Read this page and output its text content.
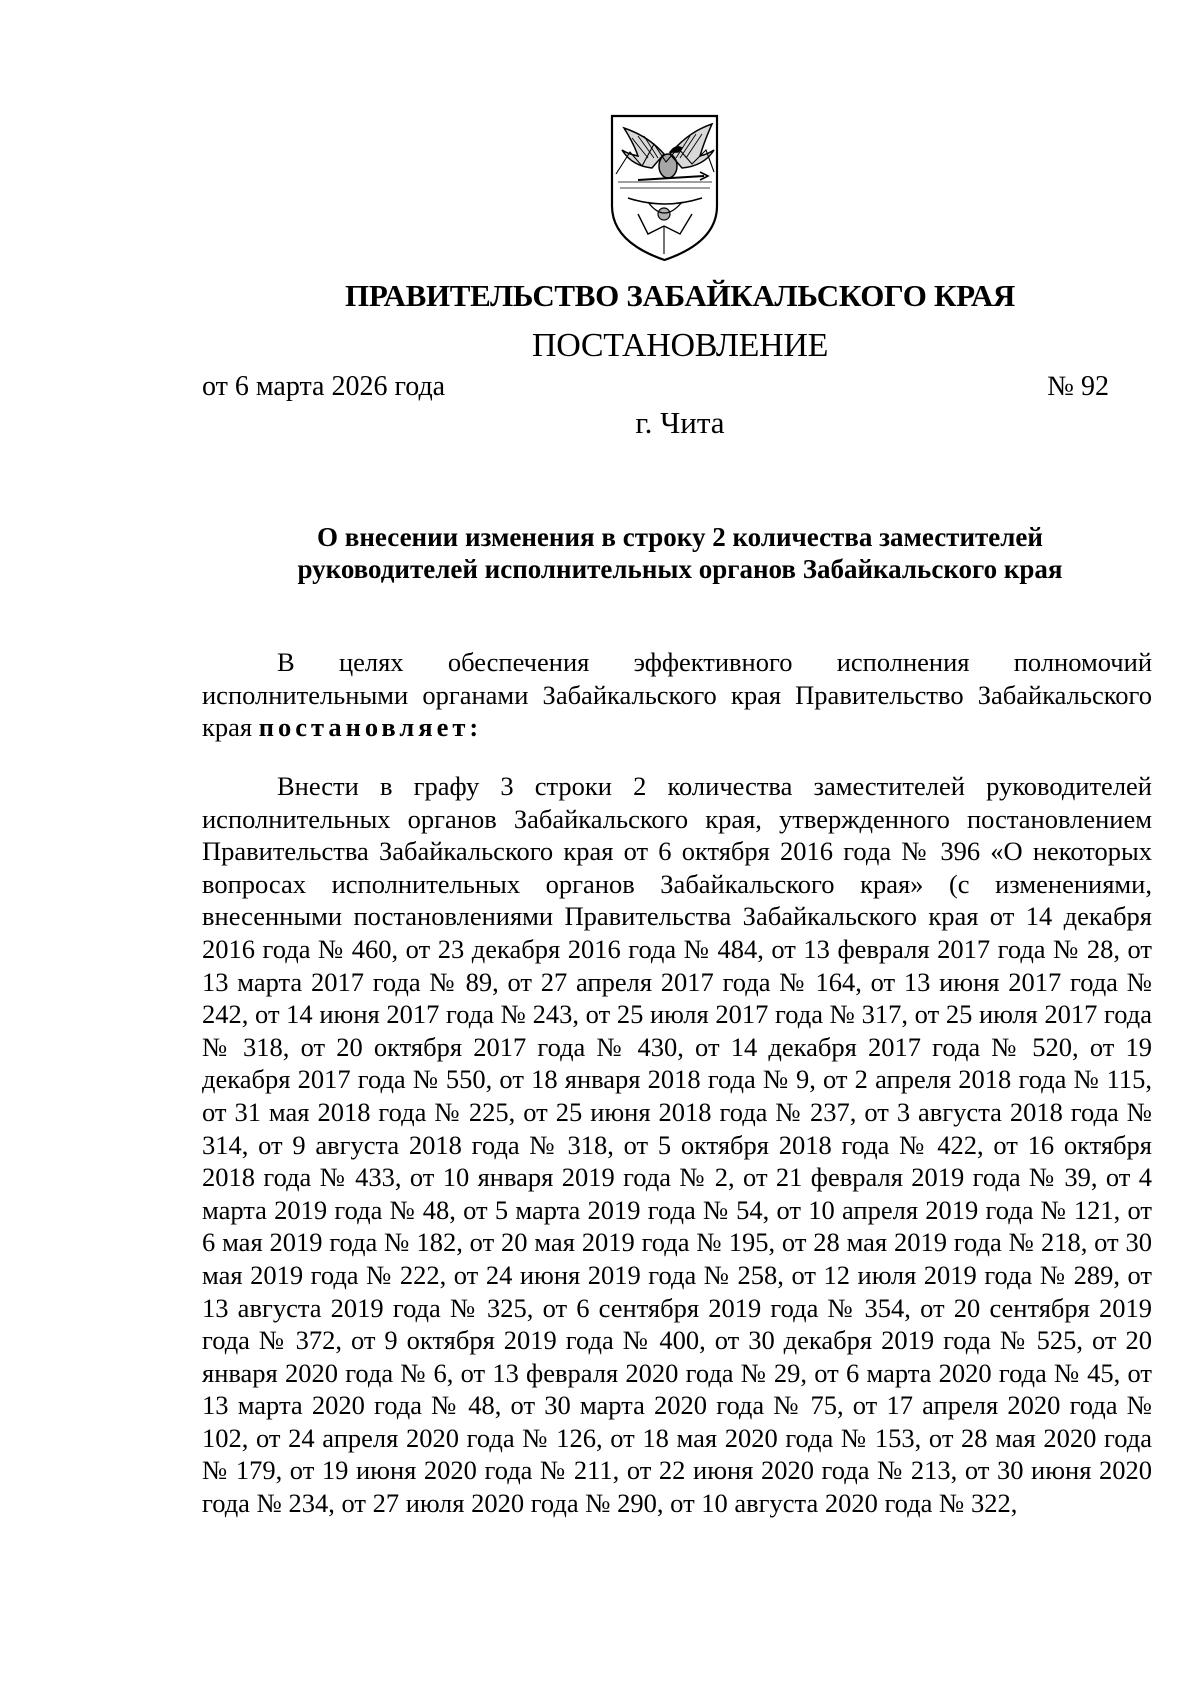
ПРАВИТЕЛЬСТВО ЗАБАЙКАЛЬСКОГО КРАЯ
ПОСТАНОВЛЕНИЕ
от 6 марта 2026 года	№ 92
г. Чита
О внесении изменения в строку 2 количества заместителей
руководителей исполнительных органов Забайкальского края

В целях обеспечения эффективного исполнения полномочий исполнительными органами Забайкальского края Правительство Забайкальского края постановляет:

Внести в графу 3 строки 2 количества заместителей руководителей исполнительных органов Забайкальского края, утвержденного постановлением Правительства Забайкальского края от 6 октября 2016 года № 396 «О некоторых вопросах исполнительных органов Забайкальского края» (с изменениями, внесенными постановлениями Правительства Забайкальского края от 14 декабря 2016 года № 460, от 23 декабря 2016 года № 484, от 13 февраля 2017 года № 28, от 13 марта 2017 года № 89, от 27 апреля 2017 года № 164, от 13 июня 2017 года № 242, от 14 июня 2017 года № 243, от 25 июля 2017 года № 317, от 25 июля 2017 года № 318, от 20 октября 2017 года № 430, от 14 декабря 2017 года № 520, от 19 декабря 2017 года № 550, от 18 января 2018 года № 9, от 2 апреля 2018 года № 115, от 31 мая 2018 года № 225, от 25 июня 2018 года № 237, от 3 августа 2018 года № 314, от 9 августа 2018 года № 318, от 5 октября 2018 года № 422, от 16 октября 2018 года № 433, от 10 января 2019 года № 2, от 21 февраля 2019 года № 39, от 4 марта 2019 года № 48, от 5 марта 2019 года № 54, от 10 апреля 2019 года № 121, от 6 мая 2019 года № 182, от 20 мая 2019 года № 195, от 28 мая 2019 года № 218, от 30 мая 2019 года № 222, от 24 июня 2019 года № 258, от 12 июля 2019 года № 289, от 13 августа 2019 года № 325, от 6 сентября 2019 года № 354, от 20 сентября 2019 года № 372, от 9 октября 2019 года № 400, от 30 декабря 2019 года № 525, от 20 января 2020 года № 6, от 13 февраля 2020 года № 29, от 6 марта 2020 года № 45, от 13 марта 2020 года № 48, от 30 марта 2020 года № 75, от 17 апреля 2020 года № 102, от 24 апреля 2020 года № 126, от 18 мая 2020 года № 153, от 28 мая 2020 года № 179, от 19 июня 2020 года № 211, от 22 июня 2020 года № 213, от 30 июня 2020 года № 234, от 27 июля 2020 года № 290, от 10 августа 2020 года № 322,
